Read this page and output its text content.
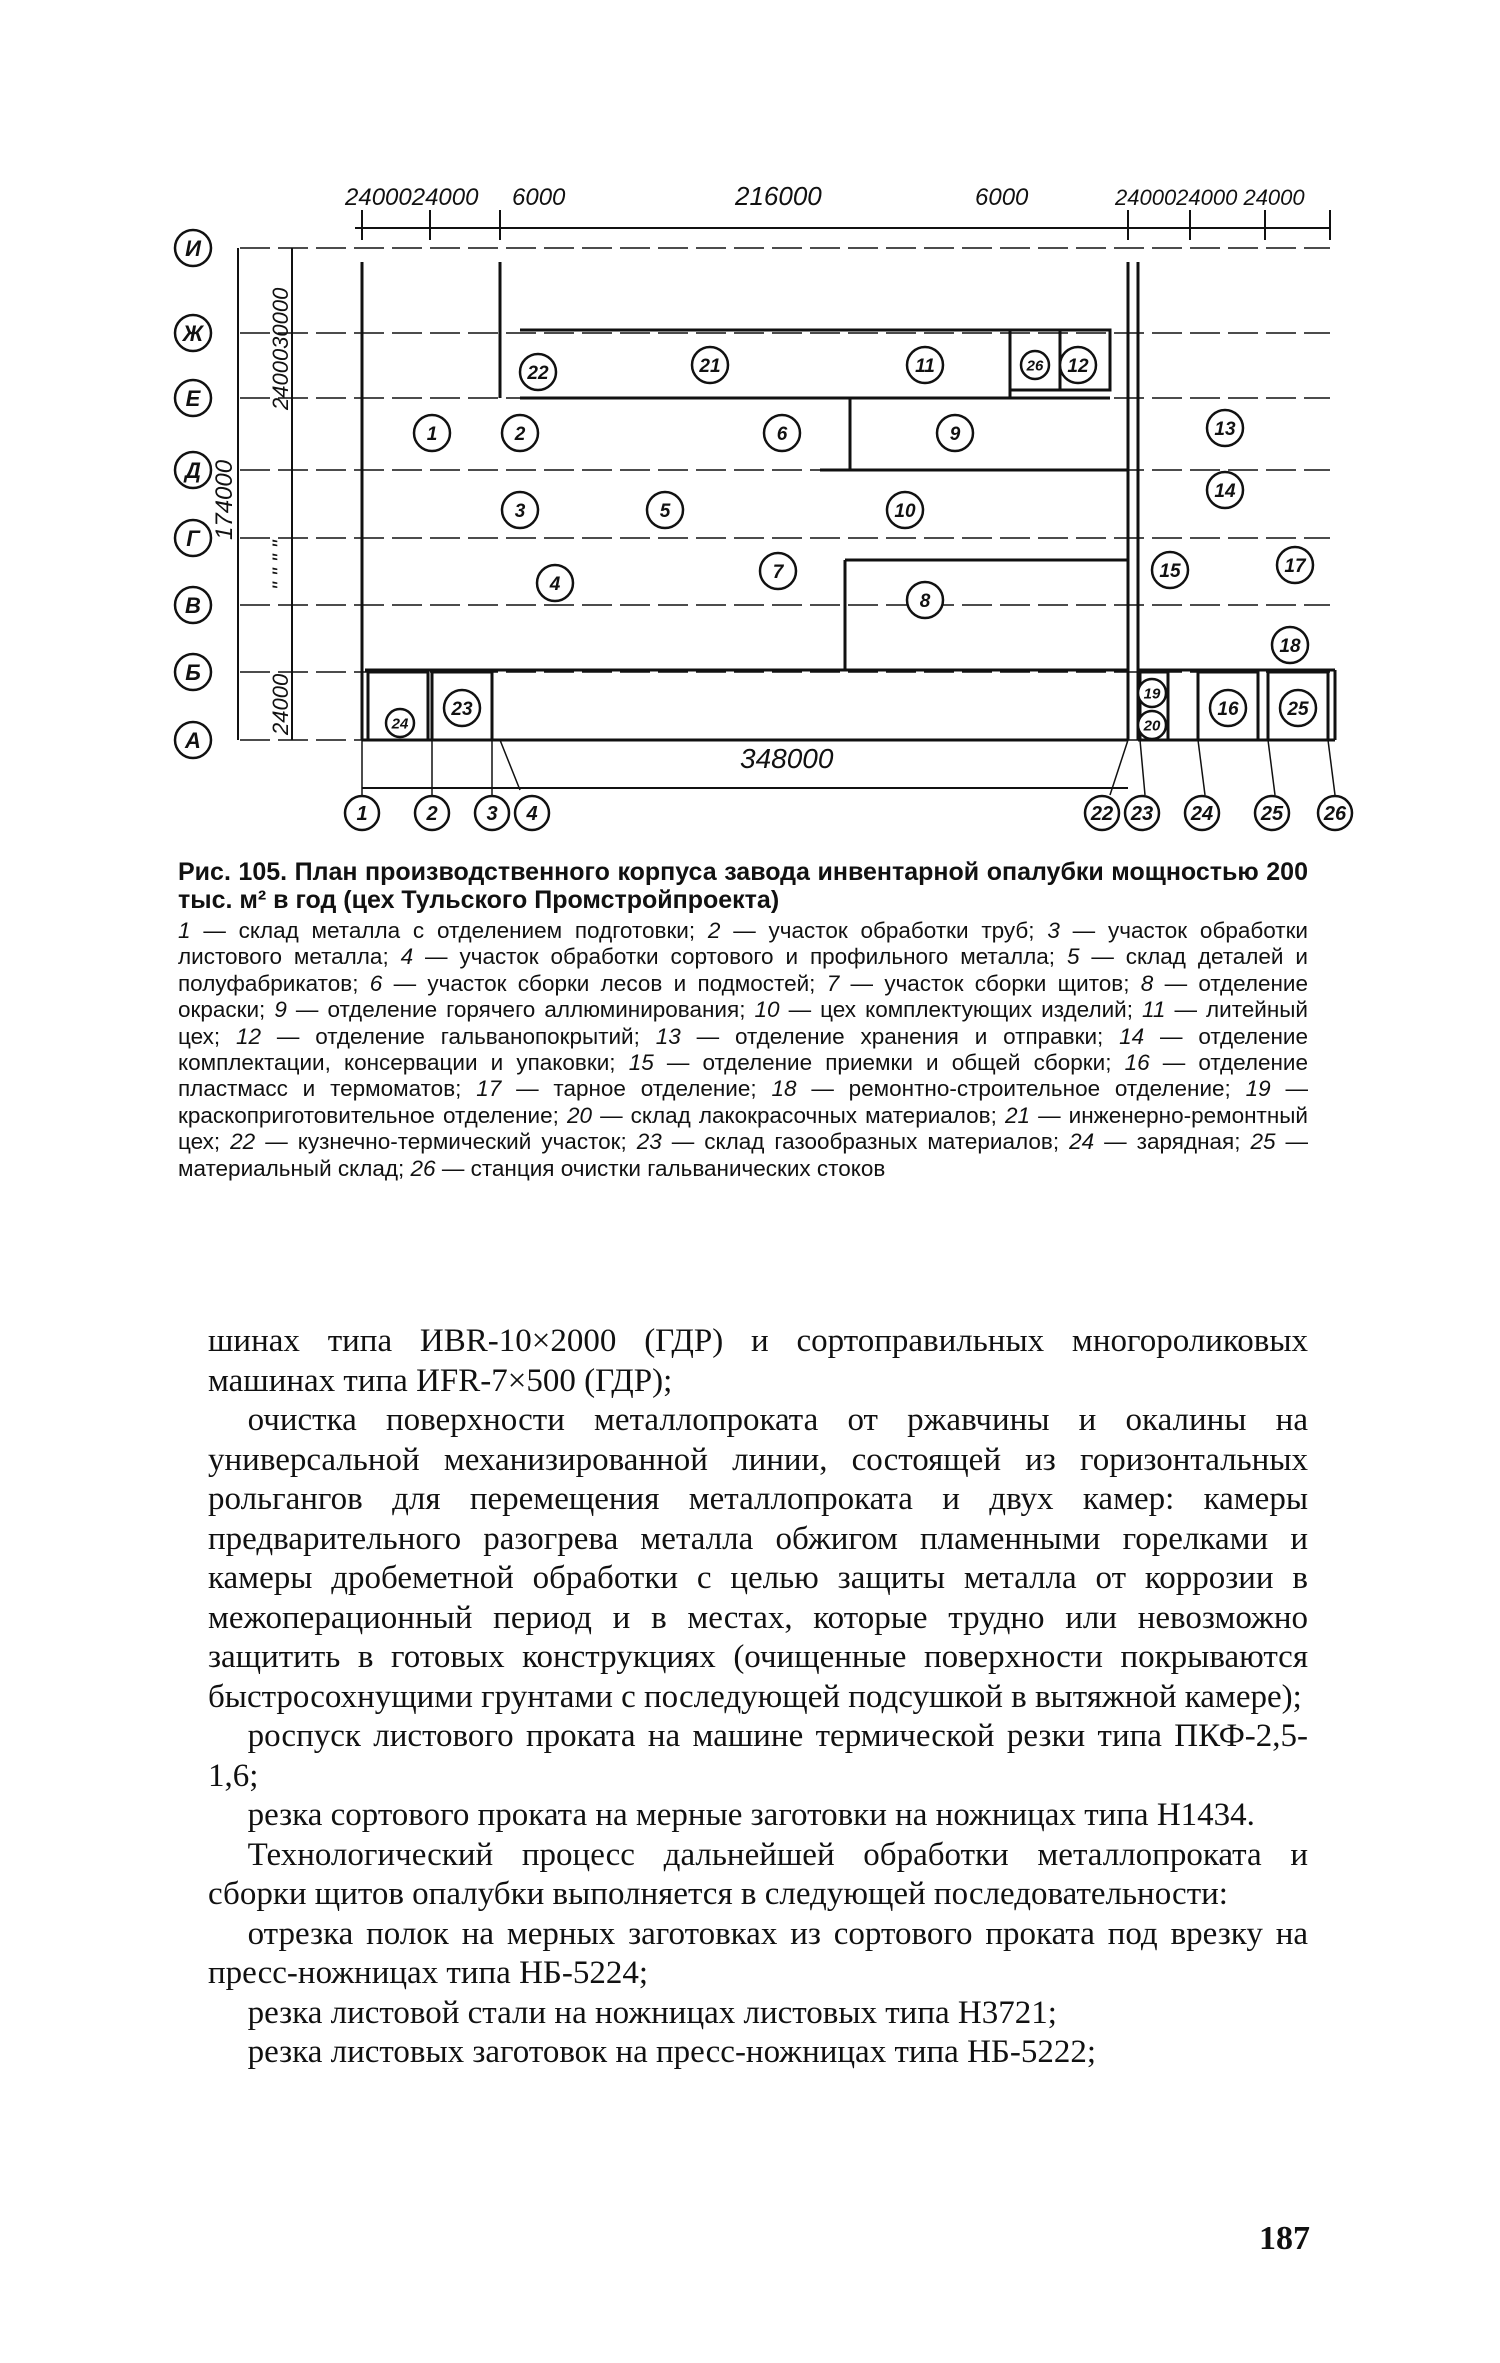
2400024000 6000	216000	6000	2400024000 24000
348000
174000
2400030000
" " " "
24000
И
Ж
Е
Д
Г
В
Б
А
1	2 3 4	22 23 24 25 26
1	2
3
4
5
6
7
8
9
10
11	12
13
14
15
16
17
18
19
20
21
22
23
24
25
26
Рис. 105. План производственного корпуса завода инвентарной опалубки мощностью 200 тыс. м² в год (цех Тульского Промстройпроекта)
1 — склад металла с отделением подготовки; 2 — участок обработки труб; 3 — участок обработки листового металла; 4 — участок обработки сортового и профильного металла; 5 — склад деталей и полуфабрикатов; 6 — участок сборки лесов и подмостей; 7 — участок сборки щитов; 8 — отделение окраски; 9 — отделение горячего аллюминирования; 10 — цех комплектующих изделий; 11 — литейный цех; 12 — отделение гальванопокрытий; 13 — отделение хранения и отправки; 14 — отделение комплектации, консервации и упаковки; 15 — отделение приемки и общей сборки; 16 — отделение пластмасс и термоматов; 17 — тарное отделение; 18 — ремонтно-строительное отделение; 19 — краскоприготовительное отделение; 20 — склад лакокрасочных материалов; 21 — инженерно-ремонтный цех; 22 — кузнечно-термический участок; 23 — склад газообразных материалов; 24 — зарядная; 25 — материальный склад; 26 — станция очистки гальванических стоков

шинах типа ИВR-10×2000 (ГДР) и сортоправильных многороликовых машинах типа ИFR-7×500 (ГДР);

очистка поверхности металлопроката от ржавчины и окалины на универсальной механизированной линии, состоящей из горизонтальных рольгангов для перемещения металлопроката и двух камер: камеры предварительного разогрева металла обжигом пламенными горелками и камеры дробеметной обработки с целью защиты металла от коррозии в межоперационный период и в местах, которые трудно или невозможно защитить в готовых конструкциях (очищенные поверхности покрываются быстросохнущими грунтами с последующей подсушкой в вытяжной камере);

роспуск листового проката на машине термической резки типа ПКФ-2,5-1,6;

резка сортового проката на мерные заготовки на ножницах типа Н1434.

Технологический процесс дальнейшей обработки металлопроката и сборки щитов опалубки выполняется в следующей последовательности:

отрезка полок на мерных заготовках из сортового проката под врезку на пресс-ножницах типа НБ-5224;

резка листовой стали на ножницах листовых типа Н3721;

резка листовых заготовок на пресс-ножницах типа НБ-5222;

187
